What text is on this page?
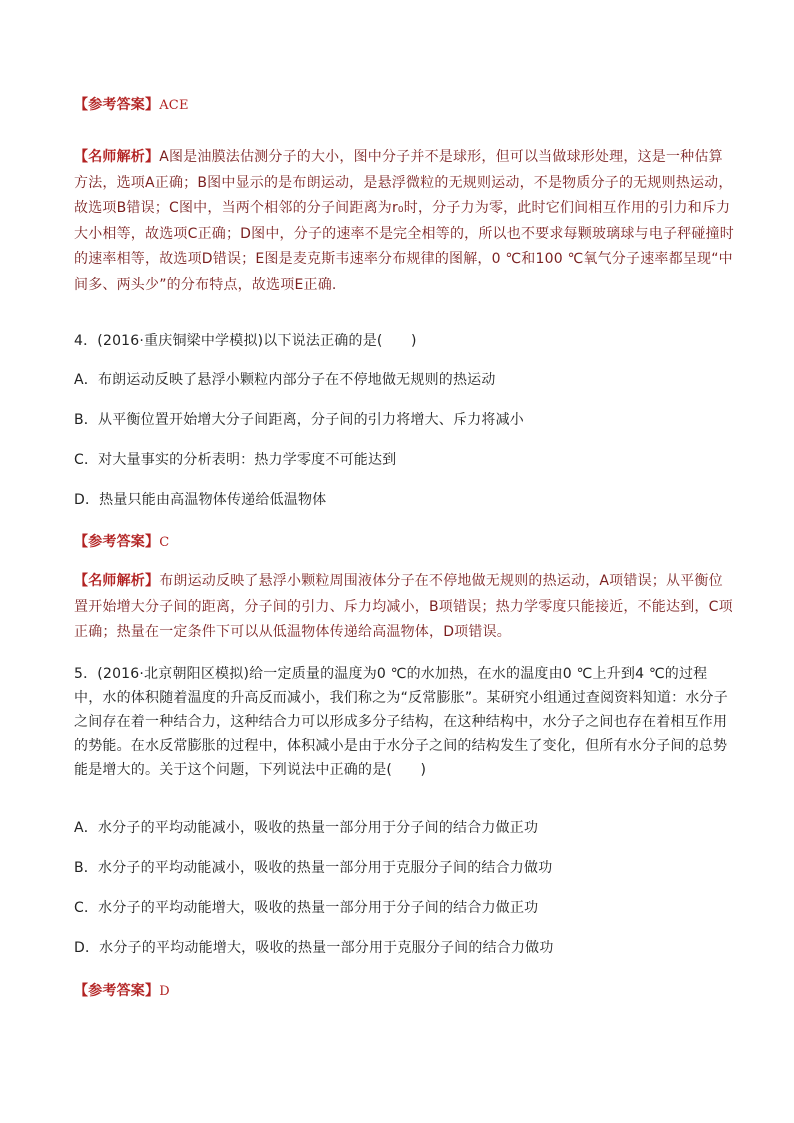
【参考答案】ACE
【名师解析】A图是油膜法估测分子的大小，图中分子并不是球形，但可以当做球形处理，这是一种估算方法，选项A正确；B图中显示的是布朗运动，是悬浮微粒的无规则运动，不是物质分子的无规则热运动，故选项B错误；C图中，当两个相邻的分子间距离为r₀时，分子力为零，此时它们间相互作用的引力和斥力大小相等，故选项C正确；D图中，分子的速率不是完全相等的，所以也不要求每颗玻璃球与电子秤碰撞时的速率相等，故选项D错误；E图是麦克斯韦速率分布规律的图解，0 ℃和100 ℃氧气分子速率都呈现“中间多、两头少”的分布特点，故选项E正确.
4．(2016·重庆铜梁中学模拟)以下说法正确的是(　　)
A．布朗运动反映了悬浮小颗粒内部分子在不停地做无规则的热运动
B．从平衡位置开始增大分子间距离，分子间的引力将增大、斥力将减小
C．对大量事实的分析表明：热力学零度不可能达到
D．热量只能由高温物体传递给低温物体
【参考答案】C
【名师解析】布朗运动反映了悬浮小颗粒周围液体分子在不停地做无规则的热运动，A项错误；从平衡位置开始增大分子间的距离，分子间的引力、斥力均减小，B项错误；热力学零度只能接近，不能达到，C项正确；热量在一定条件下可以从低温物体传递给高温物体，D项错误。
5．(2016·北京朝阳区模拟)给一定质量的温度为0 ℃的水加热，在水的温度由0 ℃上升到4 ℃的过程中，水的体积随着温度的升高反而减小，我们称之为“反常膨胀”。某研究小组通过查阅资料知道：水分子之间存在着一种结合力，这种结合力可以形成多分子结构，在这种结构中，水分子之间也存在着相互作用的势能。在水反常膨胀的过程中，体积减小是由于水分子之间的结构发生了变化，但所有水分子间的总势能是增大的。关于这个问题，下列说法中正确的是(　　)
A．水分子的平均动能减小，吸收的热量一部分用于分子间的结合力做正功
B．水分子的平均动能减小，吸收的热量一部分用于克服分子间的结合力做功
C．水分子的平均动能增大，吸收的热量一部分用于分子间的结合力做正功
D．水分子的平均动能增大，吸收的热量一部分用于克服分子间的结合力做功
【参考答案】D
